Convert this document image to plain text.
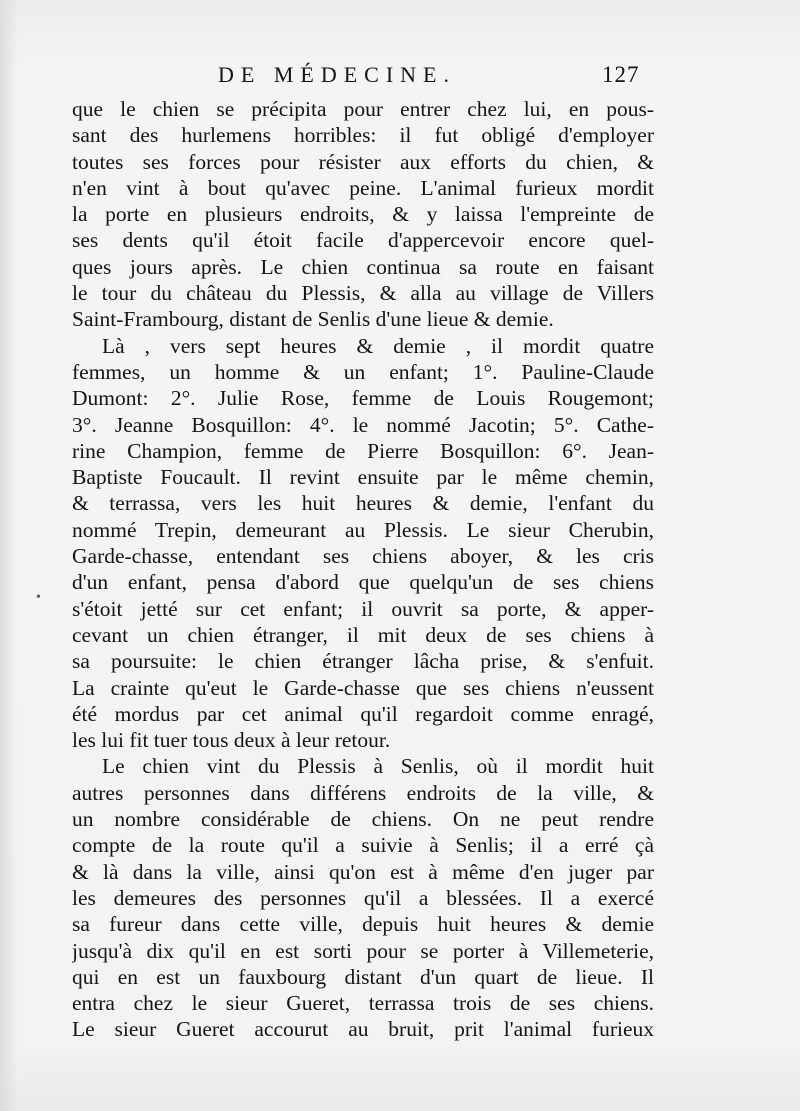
DE MÉDECINE.	127
que le chien se précipita pour entrer chez lui, en pous-
sant des hurlemens horribles: il fut obligé d'employer
toutes ses forces pour résister aux efforts du chien, &
n'en vint à bout qu'avec peine. L'animal furieux mordit
la porte en plusieurs endroits, & y laissa l'empreinte de
ses dents qu'il étoit facile d'appercevoir encore quel-
ques jours après. Le chien continua sa route en faisant
le tour du château du Plessis, & alla au village de Villers
Saint-Frambourg, distant de Senlis d'une lieue & demie.
Là , vers sept heures & demie , il mordit quatre
femmes, un homme & un enfant; 1°. Pauline-Claude
Dumont: 2°. Julie Rose, femme de Louis Rougemont;
3°. Jeanne Bosquillon: 4°. le nommé Jacotin; 5°. Cathe-
rine Champion, femme de Pierre Bosquillon: 6°. Jean-
Baptiste Foucault. Il revint ensuite par le même chemin,
& terrassa, vers les huit heures & demie, l'enfant du
nommé Trepin, demeurant au Plessis. Le sieur Cherubin,
Garde-chasse, entendant ses chiens aboyer, & les cris
d'un enfant, pensa d'abord que quelqu'un de ses chiens
s'étoit jetté sur cet enfant; il ouvrit sa porte, & apper-
cevant un chien étranger, il mit deux de ses chiens à
sa poursuite: le chien étranger lâcha prise, & s'enfuit.
La crainte qu'eut le Garde-chasse que ses chiens n'eussent
été mordus par cet animal qu'il regardoit comme enragé,
les lui fit tuer tous deux à leur retour.
Le chien vint du Plessis à Senlis, où il mordit huit
autres personnes dans différens endroits de la ville, &
un nombre considérable de chiens. On ne peut rendre
compte de la route qu'il a suivie à Senlis; il a erré çà
& là dans la ville, ainsi qu'on est à même d'en juger par
les demeures des personnes qu'il a blessées. Il a exercé
sa fureur dans cette ville, depuis huit heures & demie
jusqu'à dix qu'il en est sorti pour se porter à Villemeterie,
qui en est un fauxbourg distant d'un quart de lieue. Il
entra chez le sieur Gueret, terrassa trois de ses chiens.
Le sieur Gueret accourut au bruit, prit l'animal furieux
•
